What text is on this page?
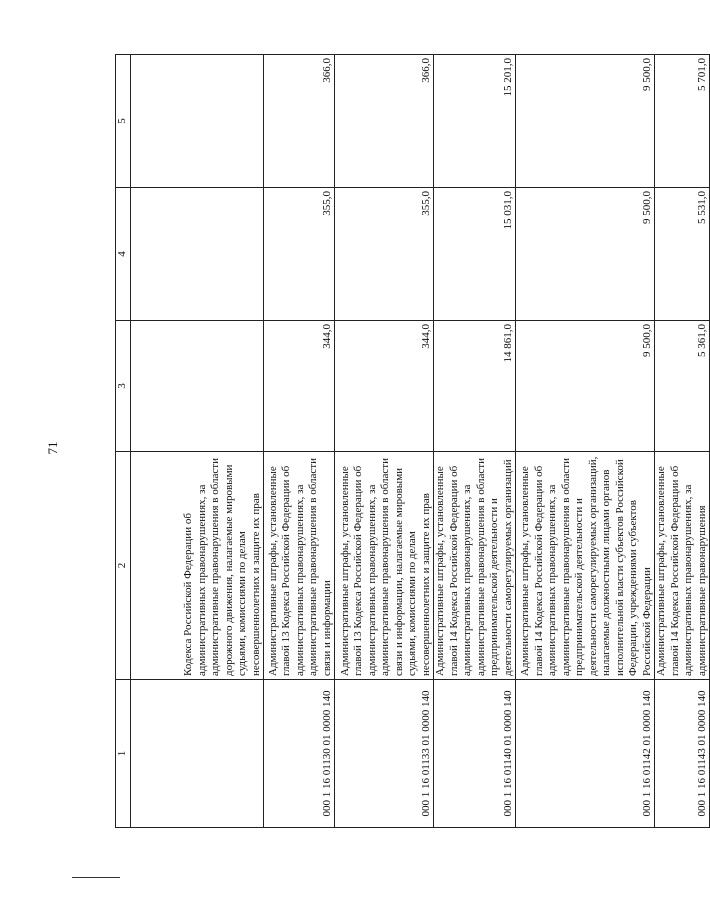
71
1	2	3	4	5
	Кодекса Российской Федерации об административных правонарушениях, за административные правонарушения в области дорожного движения, налагаемые мировыми судьями, комиссиями по делам несовершеннолетних и защите их прав			
000 1 16 01130 01 0000 140	Административные штрафы, установленные главой 13 Кодекса Российской Федерации об административных правонарушениях, за административные правонарушения в области связи и информации	344,0	355,0	366,0
000 1 16 01133 01 0000 140	Административные штрафы, установленные главой 13 Кодекса Российской Федерации об административных правонарушениях, за административные правонарушения в области связи и информации, налагаемые мировыми судьями, комиссиями по делам несовершеннолетних и защите их прав	344,0	355,0	366,0
000 1 16 01140 01 0000 140	Административные штрафы, установленные главой 14 Кодекса Российской Федерации об административных правонарушениях, за административные правонарушения в области предпринимательской деятельности и деятельности саморегулируемых организаций	14 861,0	15 031,0	15 201,0
000 1 16 01142 01 0000 140	Административные штрафы, установленные главой 14 Кодекса Российской Федерации об административных правонарушениях, за административные правонарушения в области предпринимательской деятельности и деятельности саморегулируемых организаций, налагаемые должностными лицами органов исполнительной власти субъектов Российской Федерации, учреждениями субъектов Российской Федерации	9 500,0	9 500,0	9 500,0
000 1 16 01143 01 0000 140	Административные штрафы, установленные главой 14 Кодекса Российской Федерации об административных правонарушениях, за административные правонарушения	5 361,0	5 531,0	5 701,0
